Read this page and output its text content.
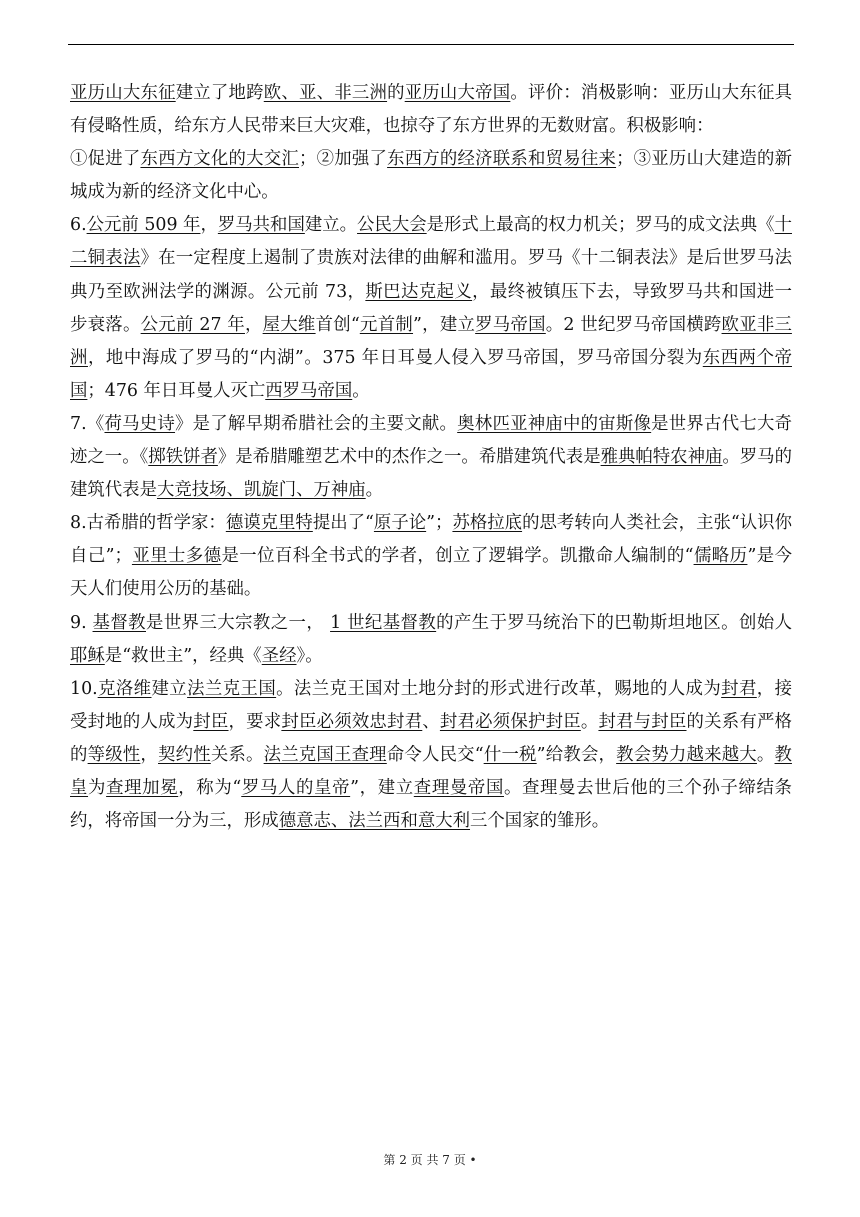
亚历山大东征建立了地跨欧、亚、非三洲的亚历山大帝国。评价：消极影响：亚历山大东征具有侵略性质，给东方人民带来巨大灾难，也掠夺了东方世界的无数财富。积极影响：

①促进了东西方文化的大交汇；②加强了东西方的经济联系和贸易往来；③亚历山大建造的新城成为新的经济文化中心。

6.公元前 509 年，罗马共和国建立。公民大会是形式上最高的权力机关；罗马的成文法典《十二铜表法》在一定程度上遏制了贵族对法律的曲解和滥用。罗马《十二铜表法》是后世罗马法典乃至欧洲法学的渊源。公元前 73，斯巴达克起义，最终被镇压下去，导致罗马共和国进一步衰落。公元前 27 年，屋大维首创“元首制”，建立罗马帝国。2 世纪罗马帝国横跨欧亚非三洲，地中海成了罗马的“内湖”。375 年日耳曼人侵入罗马帝国，罗马帝国分裂为东西两个帝国；476 年日耳曼人灭亡西罗马帝国。

7.《荷马史诗》是了解早期希腊社会的主要文献。奥林匹亚神庙中的宙斯像是世界古代七大奇迹之一。《掷铁饼者》是希腊雕塑艺术中的杰作之一。希腊建筑代表是雅典帕特农神庙。罗马的建筑代表是大竞技场、凯旋门、万神庙。

8.古希腊的哲学家：德谟克里特提出了“原子论”；苏格拉底的思考转向人类社会，主张“认识你自己”；亚里士多德是一位百科全书式的学者，创立了逻辑学。凯撒命人编制的“儒略历”是今天人们使用公历的基础。

9. 基督教是世界三大宗教之一， 1 世纪基督教的产生于罗马统治下的巴勒斯坦地区。创始人耶稣是“救世主”，经典《圣经》。

10.克洛维建立法兰克王国。法兰克王国对土地分封的形式进行改革，赐地的人成为封君，接受封地的人成为封臣，要求封臣必须效忠封君、封君必须保护封臣。封君与封臣的关系有严格的等级性，契约性关系。法兰克国王查理命令人民交“什一税”给教会，教会势力越来越大。教皇为查理加冕，称为“罗马人的皇帝”，建立查理曼帝国。查理曼去世后他的三个孙子缔结条约，将帝国一分为三，形成德意志、法兰西和意大利三个国家的雏形。

第 2 页 共 7 页 •
